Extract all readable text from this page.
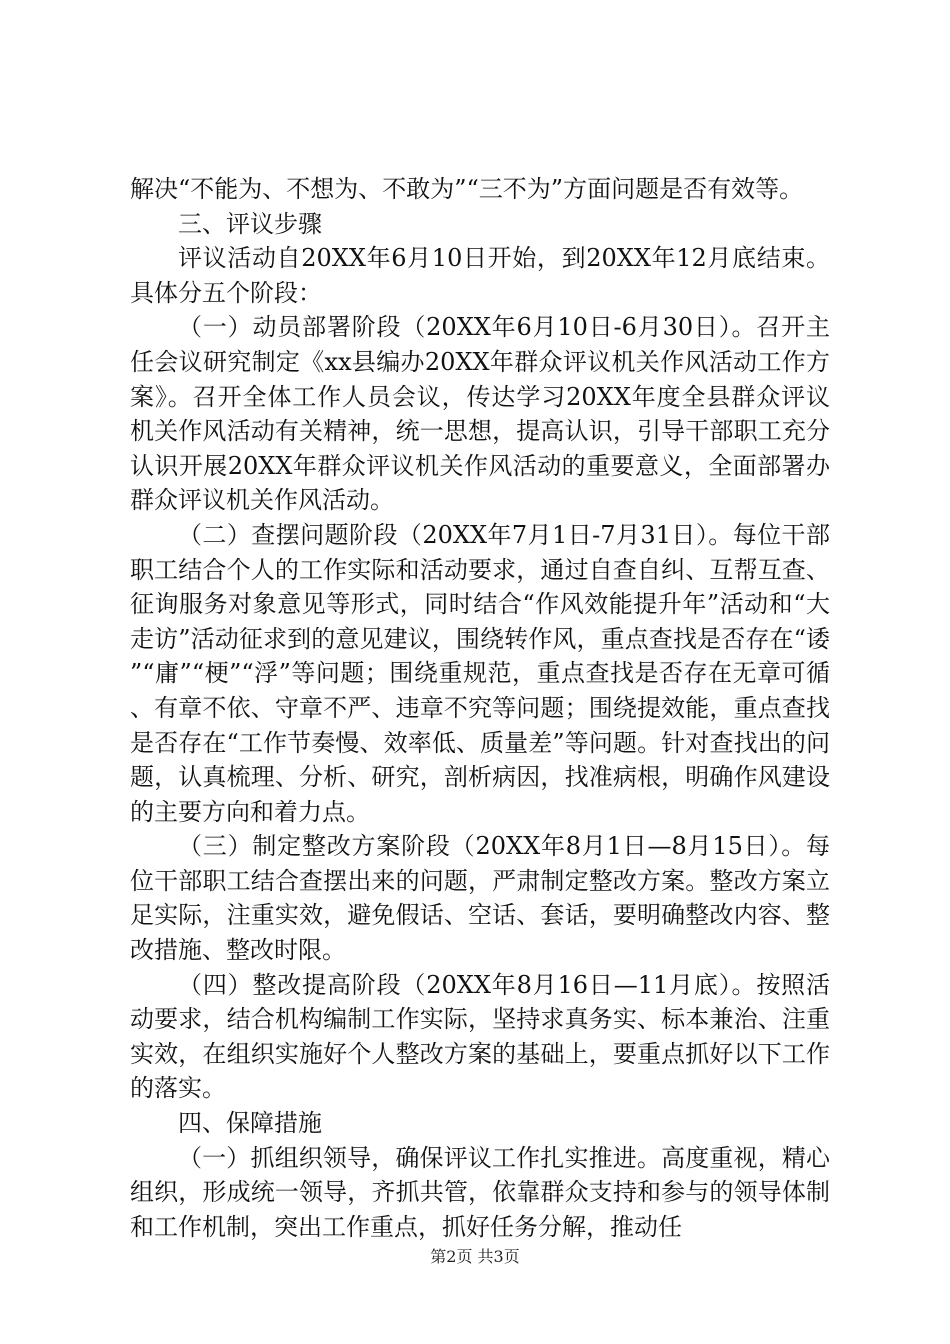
解决“不能为、不想为、不敢为”“三不为”方面问题是否有效等。

三、评议步骤

评议活动自20XX年6月10日开始，到20XX年12月底结束。具体分五个阶段：

（一）动员部署阶段（20XX年6月10日-6月30日）。召开主任会议研究制定《xx县编办20XX年群众评议机关作风活动工作方案》。召开全体工作人员会议，传达学习20XX年度全县群众评议机关作风活动有关精神，统一思想，提高认识，引导干部职工充分认识开展20XX年群众评议机关作风活动的重要意义，全面部署办群众评议机关作风活动。

（二）查摆问题阶段（20XX年7月1日-7月31日）。每位干部职工结合个人的工作实际和活动要求，通过自查自纠、互帮互查、征询服务对象意见等形式，同时结合“作风效能提升年”活动和“大走访”活动征求到的意见建议，围绕转作风，重点查找是否存在“诿”“庸”“梗”“浮”等问题；围绕重规范，重点查找是否存在无章可循、有章不依、守章不严、违章不究等问题；围绕提效能，重点查找是否存在“工作节奏慢、效率低、质量差”等问题。针对查找出的问题，认真梳理、分析、研究，剖析病因，找准病根，明确作风建设的主要方向和着力点。

（三）制定整改方案阶段（20XX年8月1日—8月15日）。每位干部职工结合查摆出来的问题，严肃制定整改方案。整改方案立足实际，注重实效，避免假话、空话、套话，要明确整改内容、整改措施、整改时限。

（四）整改提高阶段（20XX年8月16日—11月底）。按照活动要求，结合机构编制工作实际，坚持求真务实、标本兼治、注重实效，在组织实施好个人整改方案的基础上，要重点抓好以下工作的落实。

四、保障措施

（一）抓组织领导，确保评议工作扎实推进。高度重视，精心组织，形成统一领导，齐抓共管，依靠群众支持和参与的领导体制和工作机制，突出工作重点，抓好任务分解，推动任

第2页 共3页
